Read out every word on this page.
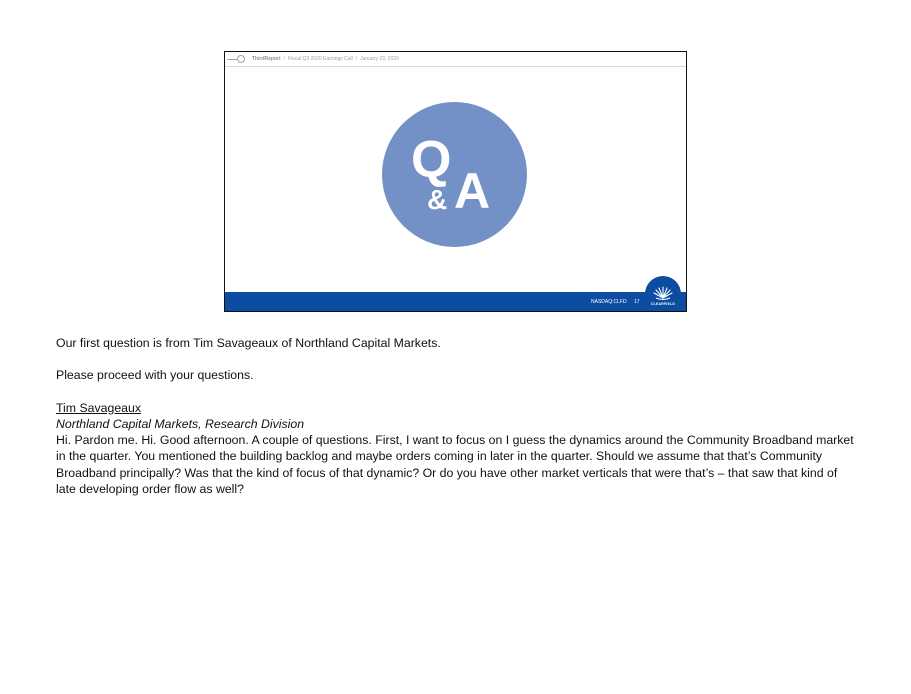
ThirdReport / Fiscal Q3 2020 Earnings Call / January 23, 2020
Q
A
&
NASDAQ:CLFD 17	CLEARFIELD

Our first question is from Tim Savageaux of Northland Capital Markets.

Please proceed with your questions.

Tim Savageaux

Northland Capital Markets, Research Division

Hi. Pardon me. Hi. Good afternoon. A couple of questions. First, I want to focus on I guess the dynamics around the Community Broadband market in the quarter. You mentioned the building backlog and maybe orders coming in later in the quarter. Should we assume that that’s Community Broadband principally? Was that the kind of focus of that dynamic? Or do you have other market verticals that were that’s – that saw that kind of late developing order flow as well?
